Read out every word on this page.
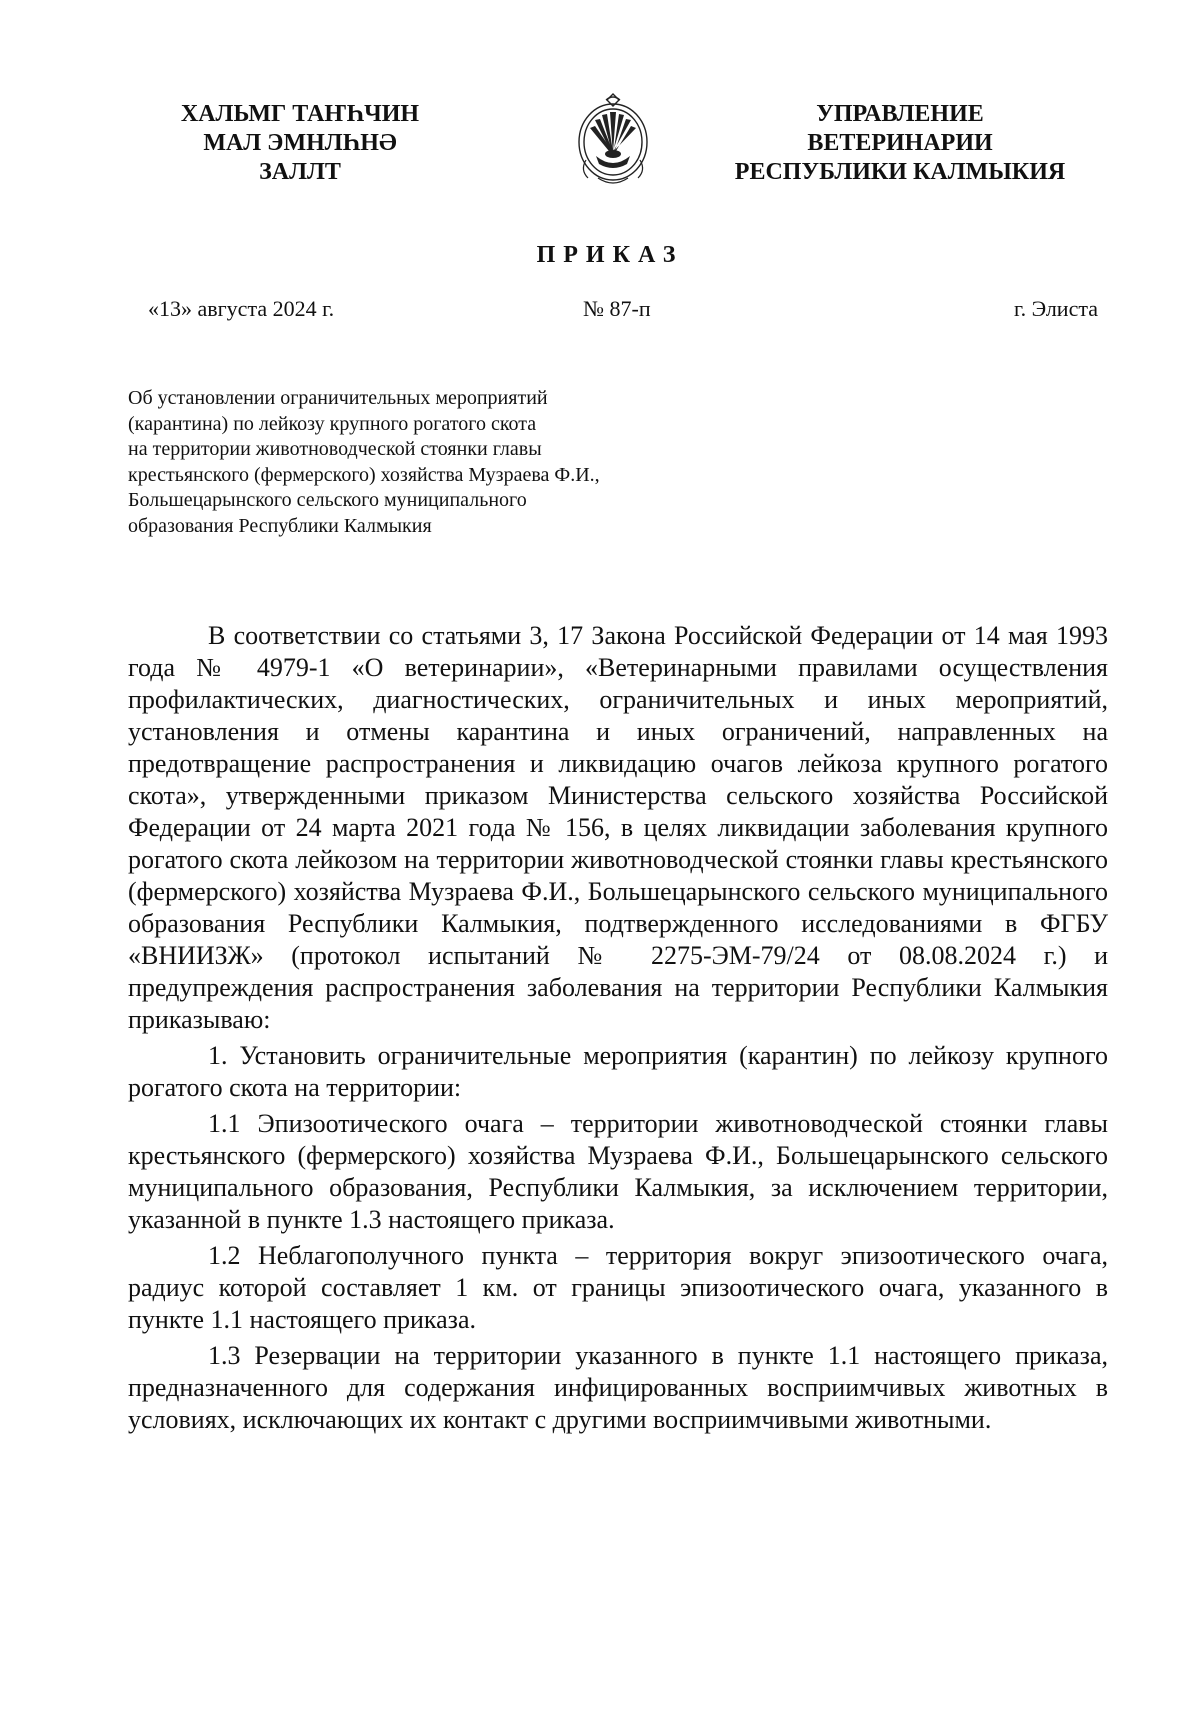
ХАЛЬМГ ТАҤҺЧИН
МАЛ ЭМНЛҺНӘ
ЗАЛЛТ
УПРАВЛЕНИЕ
ВЕТЕРИНАРИИ
РЕСПУБЛИКИ КАЛМЫКИЯ
ПРИКАЗ
«13» августа 2024 г.	№ 87-п	г. Элиста
Об установлении ограничительных мероприятий
(карантина) по лейкозу крупного рогатого скота
на территории животноводческой стоянки главы
крестьянского (фермерского) хозяйства Музраева Ф.И.,
Большецарынского сельского муниципального
образования Республики Калмыкия

В соответствии со статьями 3, 17 Закона Российской Федерации от 14 мая 1993 года № 4979-1 «О ветеринарии», «Ветеринарными правилами осуществления профилактических, диагностических, ограничительных и иных мероприятий, установления и отмены карантина и иных ограничений, направленных на предотвращение распространения и ликвидацию очагов лейкоза крупного рогатого скота», утвержденными приказом Министерства сельского хозяйства Российской Федерации от 24 марта 2021 года № 156, в целях ликвидации заболевания крупного рогатого скота лейкозом на территории животноводческой стоянки главы крестьянского (фермерского) хозяйства Музраева Ф.И., Большецарынского сельского муниципального образования Республики Калмыкия, подтвержденного исследованиями в ФГБУ «ВНИИЗЖ» (протокол испытаний № 2275-ЭМ-79/24 от 08.08.2024 г.) и предупреждения распространения заболевания на территории Республики Калмыкия приказываю:

1. Установить ограничительные мероприятия (карантин) по лейкозу крупного рогатого скота на территории:

1.1 Эпизоотического очага – территории животноводческой стоянки главы крестьянского (фермерского) хозяйства Музраева Ф.И., Большецарынского сельского муниципального образования, Республики Калмыкия, за исключением территории, указанной в пункте 1.3 настоящего приказа.

1.2 Неблагополучного пункта – территория вокруг эпизоотического очага, радиус которой составляет 1 км. от границы эпизоотического очага, указанного в пункте 1.1 настоящего приказа.

1.3 Резервации на территории указанного в пункте 1.1 настоящего приказа, предназначенного для содержания инфицированных восприимчивых животных в условиях, исключающих их контакт с другими восприимчивыми животными.
